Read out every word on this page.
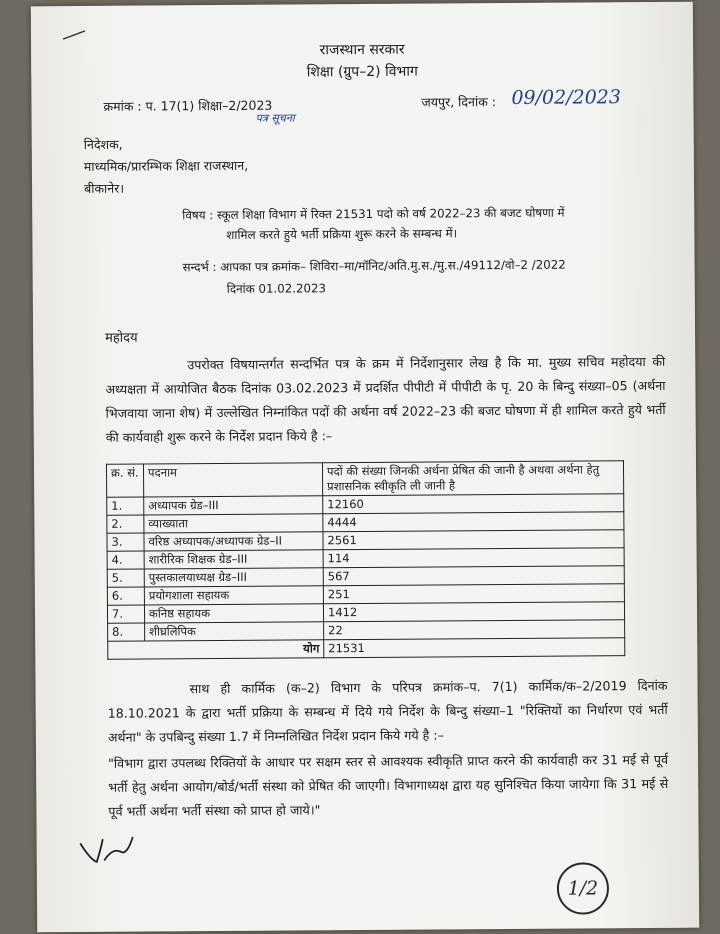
राजस्थान सरकार
शिक्षा (ग्रुप–2) विभाग
क्रमांक : प. 17(1) शिक्षा–2/2023
पत्र सूचना
जयपुर, दिनांक : 09/02/2023
निदेशक,
माध्यमिक/प्रारम्भिक शिक्षा राजस्थान,
बीकानेर।
विषय : स्कूल शिक्षा विभाग में रिक्त 21531 पदो को वर्ष 2022–23 की बजट घोषणा में
शामिल करते हुये भर्ती प्रक्रिया शुरू करने के सम्बन्ध में।
सन्दर्भ : आपका पत्र क्रमांक– शिविरा–मा/मॉनिट/अति.मु.स./मु.स./49112/वो–2 /2022
दिनांक 01.02.2023
महोदय
उपरोक्त विषयान्तर्गत सन्दर्भित पत्र के क्रम में निर्देशानुसार लेख है कि मा. मुख्य सचिव महोदया की अध्यक्षता में आयोजित बैठक दिनांक 03.02.2023 में प्रदर्शित पीपीटी में पीपीटी के पृ. 20 के बिन्दु संख्या–05 (अर्थना भिजवाया जाना शेष) में उल्लेखित निम्नांकित पदों की अर्थना वर्ष 2022–23 की बजट घोषणा में ही शामिल करते हुये भर्ती की कार्यवाही शुरू करने के निर्देश प्रदान किये है :–
क्र. सं.	पदनाम	पदों की संख्या जिनकी अर्थना प्रेषित की जानी है अथवा अर्थना हेतु प्रशासनिक स्वीकृति ली जानी है
1.	अध्यापक ग्रेड–III	12160
2.	व्याख्याता	4444
3.	वरिष्ठ अध्यापक/अध्यापक ग्रेड–II	2561
4.	शारीरिक शिक्षक ग्रेड–III	114
5.	पुस्तकालयाध्यक्ष ग्रेड–III	567
6.	प्रयोगशाला सहायक	251
7.	कनिष्ठ सहायक	1412
8.	शीघ्रलिपिक	22
योग		21531
साथ ही कार्मिक (क–2) विभाग के परिपत्र क्रमांक–प. 7(1) कार्मिक/क–2/2019 दिनांक 18.10.2021 के द्वारा भर्ती प्रक्रिया के सम्बन्ध में दिये गये निर्देश के बिन्दु संख्या–1 "रिक्तियों का निर्धारण एवं भर्ती अर्थना" के उपबिन्दु संख्या 1.7 में निम्नलिखित निर्देश प्रदान किये गये है :–
"विभाग द्वारा उपलब्ध रिक्तियों के आधार पर सक्षम स्तर से आवश्यक स्वीकृति प्राप्त करने की कार्यवाही कर 31 मई से पूर्व भर्ती हेतु अर्थना आयोग/बोर्ड/भर्ती संस्था को प्रेषित की जाएगी। विभागाध्यक्ष द्वारा यह सुनिश्चित किया जायेगा कि 31 मई से पूर्व भर्ती अर्थना भर्ती संस्था को प्राप्त हो जाये।"
1/2
